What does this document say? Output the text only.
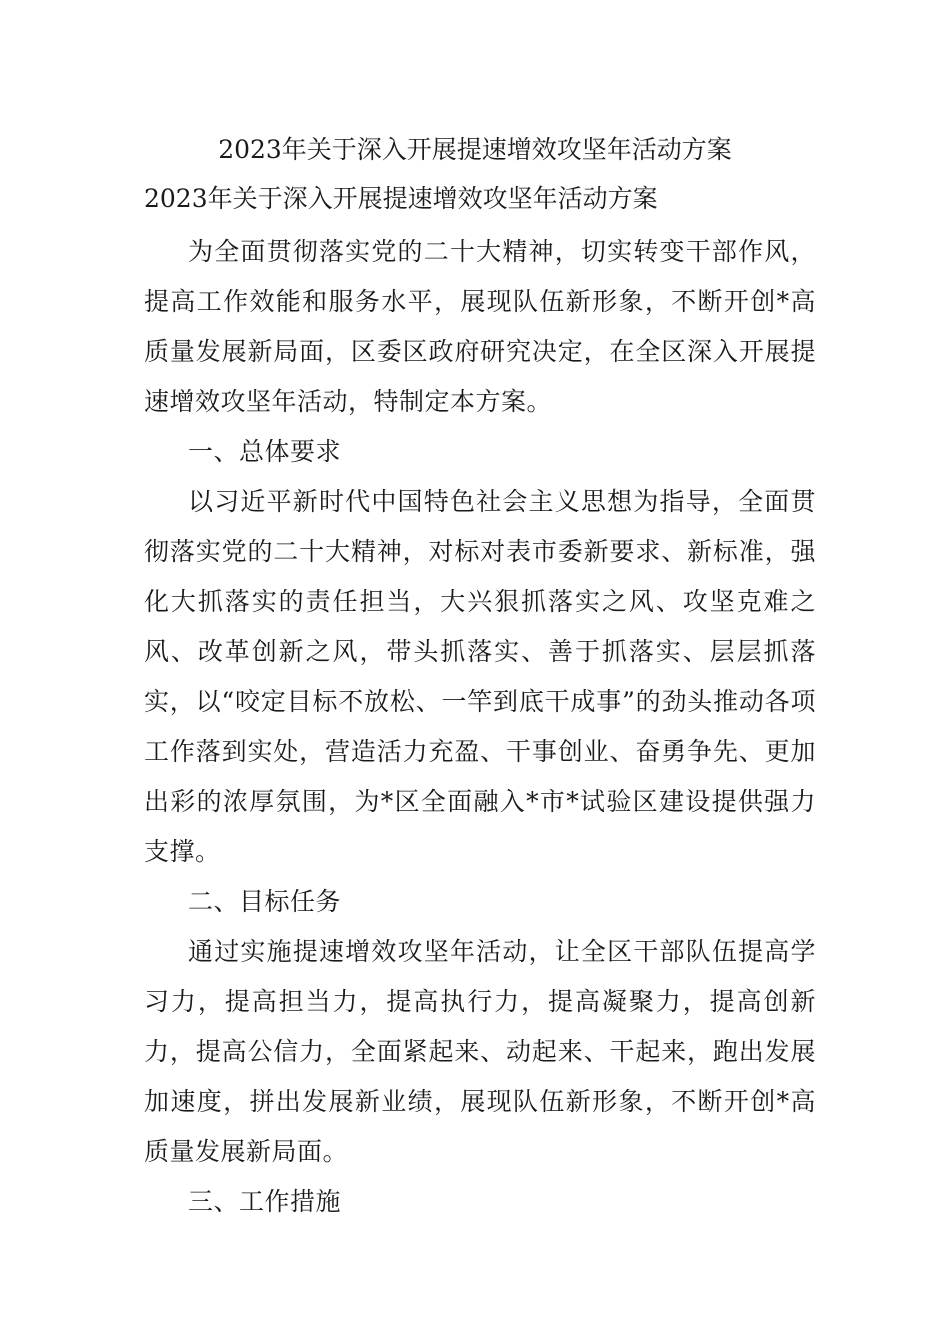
2023年关于深入开展提速增效攻坚年活动方案
2023年关于深入开展提速增效攻坚年活动方案

为全面贯彻落实党的二十大精神，切实转变干部作风，提高工作效能和服务水平，展现队伍新形象，不断开创*高质量发展新局面，区委区政府研究决定，在全区深入开展提速增效攻坚年活动，特制定本方案。

一、总体要求

以习近平新时代中国特色社会主义思想为指导，全面贯彻落实党的二十大精神，对标对表市委新要求、新标准，强化大抓落实的责任担当，大兴狠抓落实之风、攻坚克难之风、改革创新之风，带头抓落实、善于抓落实、层层抓落实，以“咬定目标不放松、一竿到底干成事”的劲头推动各项工作落到实处，营造活力充盈、干事创业、奋勇争先、更加出彩的浓厚氛围，为*区全面融入*市*试验区建设提供强力支撑。

二、目标任务

通过实施提速增效攻坚年活动，让全区干部队伍提高学习力，提高担当力，提高执行力，提高凝聚力，提高创新力，提高公信力，全面紧起来、动起来、干起来，跑出发展加速度，拼出发展新业绩，展现队伍新形象，不断开创*高质量发展新局面。

三、工作措施
